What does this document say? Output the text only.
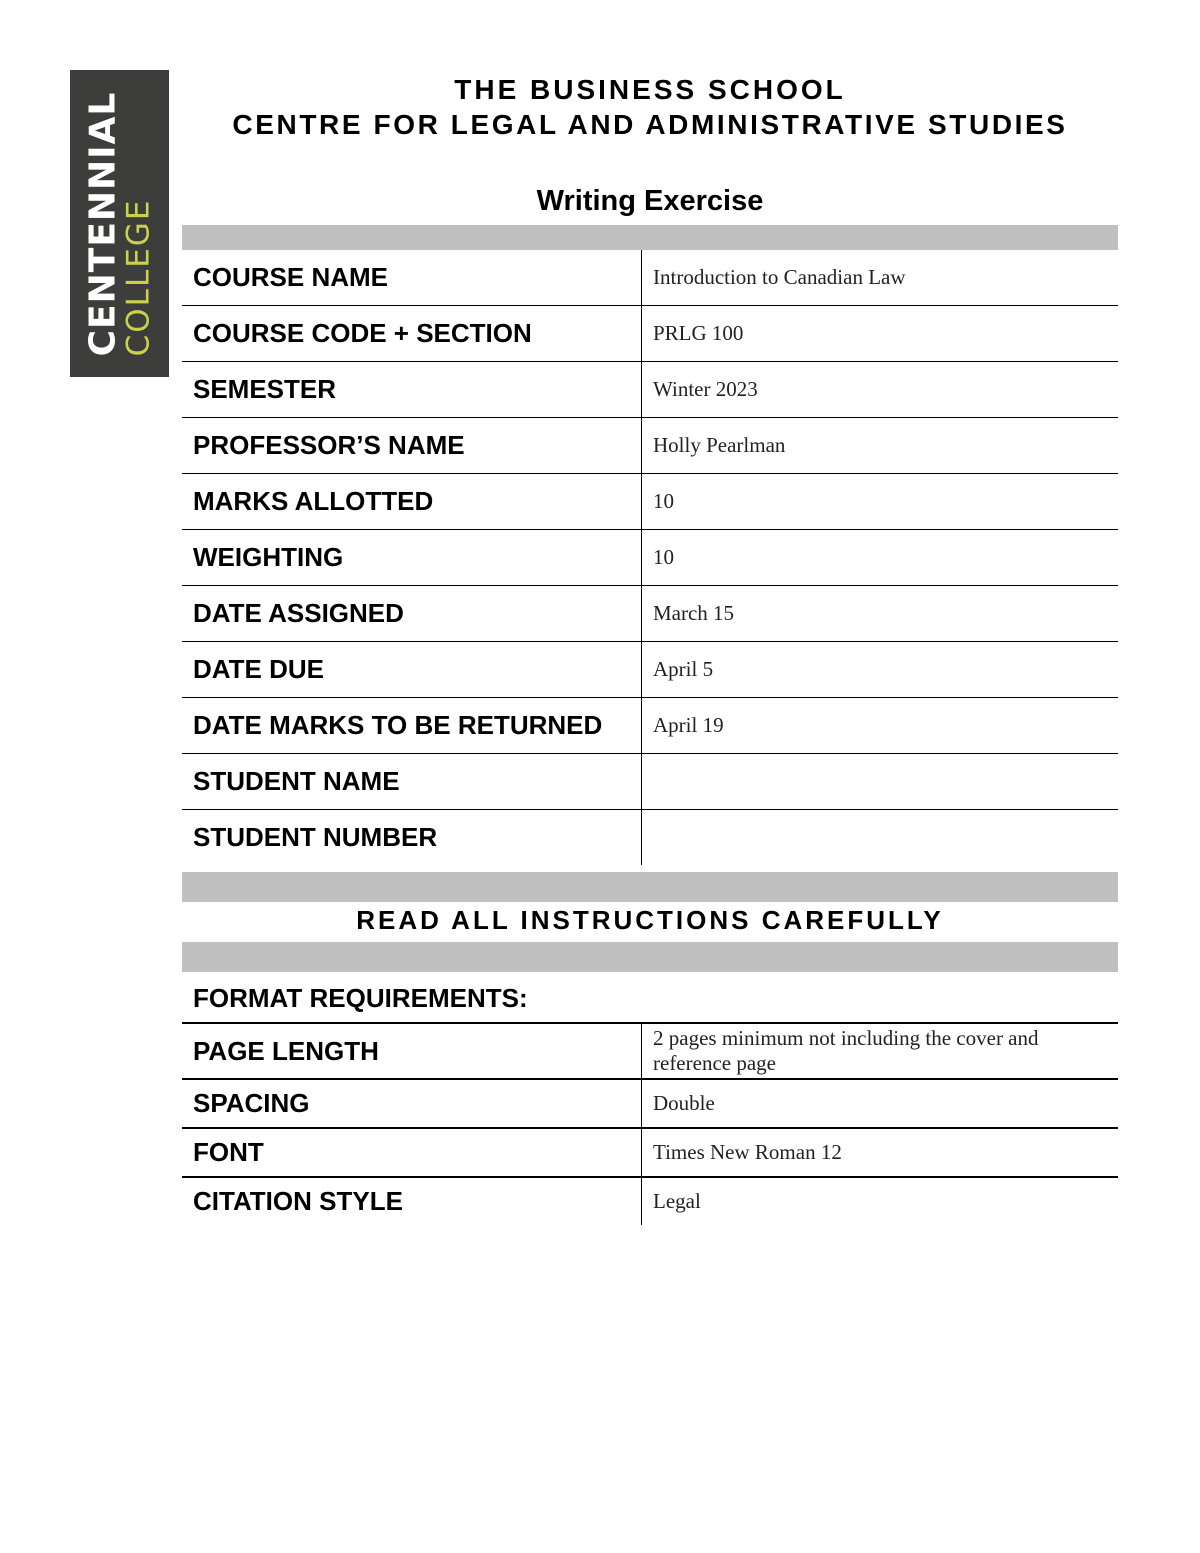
CENTENNIAL
COLLEGE
THE BUSINESS SCHOOL
CENTRE FOR LEGAL AND ADMINISTRATIVE STUDIES
Writing Exercise
COURSE NAME	Introduction to Canadian Law
COURSE CODE + SECTION	PRLG 100
SEMESTER	Winter 2023
PROFESSOR’S NAME	Holly Pearlman
MARKS ALLOTTED	10
WEIGHTING	10
DATE ASSIGNED	March 15
DATE DUE	April 5
DATE MARKS TO BE RETURNED	April 19
STUDENT NAME	
STUDENT NUMBER	
READ ALL INSTRUCTIONS CAREFULLY
FORMAT REQUIREMENTS:
PAGE LENGTH	2 pages minimum not including the cover and reference page
SPACING	Double
FONT	Times New Roman 12
CITATION STYLE	Legal
